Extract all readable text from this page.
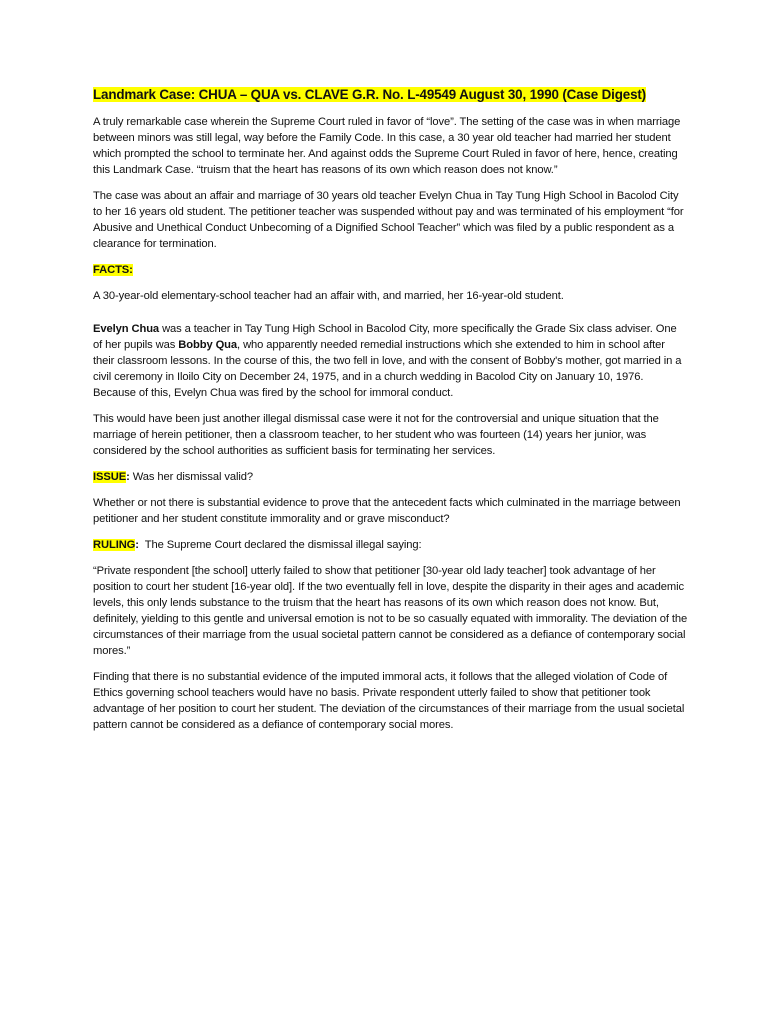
Landmark Case: CHUA – QUA vs. CLAVE G.R. No. L-49549 August 30, 1990 (Case Digest)

A truly remarkable case wherein the Supreme Court ruled in favor of “love”. The setting of the case was in when marriage between minors was still legal, way before the Family Code. In this case, a 30 year old teacher had married her student which prompted the school to terminate her. And against odds the Supreme Court Ruled in favor of here, hence, creating this Landmark Case. “truism that the heart has reasons of its own which reason does not know.”

The case was about an affair and marriage of 30 years old teacher Evelyn Chua in Tay Tung High School in Bacolod City to her 16 years old student. The petitioner teacher was suspended without pay and was terminated of his employment “for Abusive and Unethical Conduct Unbecoming of a Dignified School Teacher” which was filed by a public respondent as a clearance for termination.

FACTS:

A 30-year-old elementary-school teacher had an affair with, and married, her 16-year-old student.

Evelyn Chua was a teacher in Tay Tung High School in Bacolod City, more specifically the Grade Six class adviser. One of her pupils was Bobby Qua, who apparently needed remedial instructions which she extended to him in school after their classroom lessons. In the course of this, the two fell in love, and with the consent of Bobby's mother, got married in a civil ceremony in Iloilo City on December 24, 1975, and in a church wedding in Bacolod City on January 10, 1976. Because of this, Evelyn Chua was fired by the school for immoral conduct.

This would have been just another illegal dismissal case were it not for the controversial and unique situation that the marriage of herein petitioner, then a classroom teacher, to her student who was fourteen (14) years her junior, was considered by the school authorities as sufficient basis for terminating her services.

ISSUE: Was her dismissal valid?

Whether or not there is substantial evidence to prove that the antecedent facts which culminated in the marriage between petitioner and her student constitute immorality and or grave misconduct?

RULING:  The Supreme Court declared the dismissal illegal saying:

“Private respondent [the school] utterly failed to show that petitioner [30-year old lady teacher] took advantage of her position to court her student [16-year old]. If the two eventually fell in love, despite the disparity in their ages and academic levels, this only lends substance to the truism that the heart has reasons of its own which reason does not know. But, definitely, yielding to this gentle and universal emotion is not to be so casually equated with immorality. The deviation of the circumstances of their marriage from the usual societal pattern cannot be considered as a defiance of contemporary social mores.”

Finding that there is no substantial evidence of the imputed immoral acts, it follows that the alleged violation of Code of Ethics governing school teachers would have no basis. Private respondent utterly failed to show that petitioner took advantage of her position to court her student. The deviation of the circumstances of their marriage from the usual societal pattern cannot be considered as a defiance of contemporary social mores.
